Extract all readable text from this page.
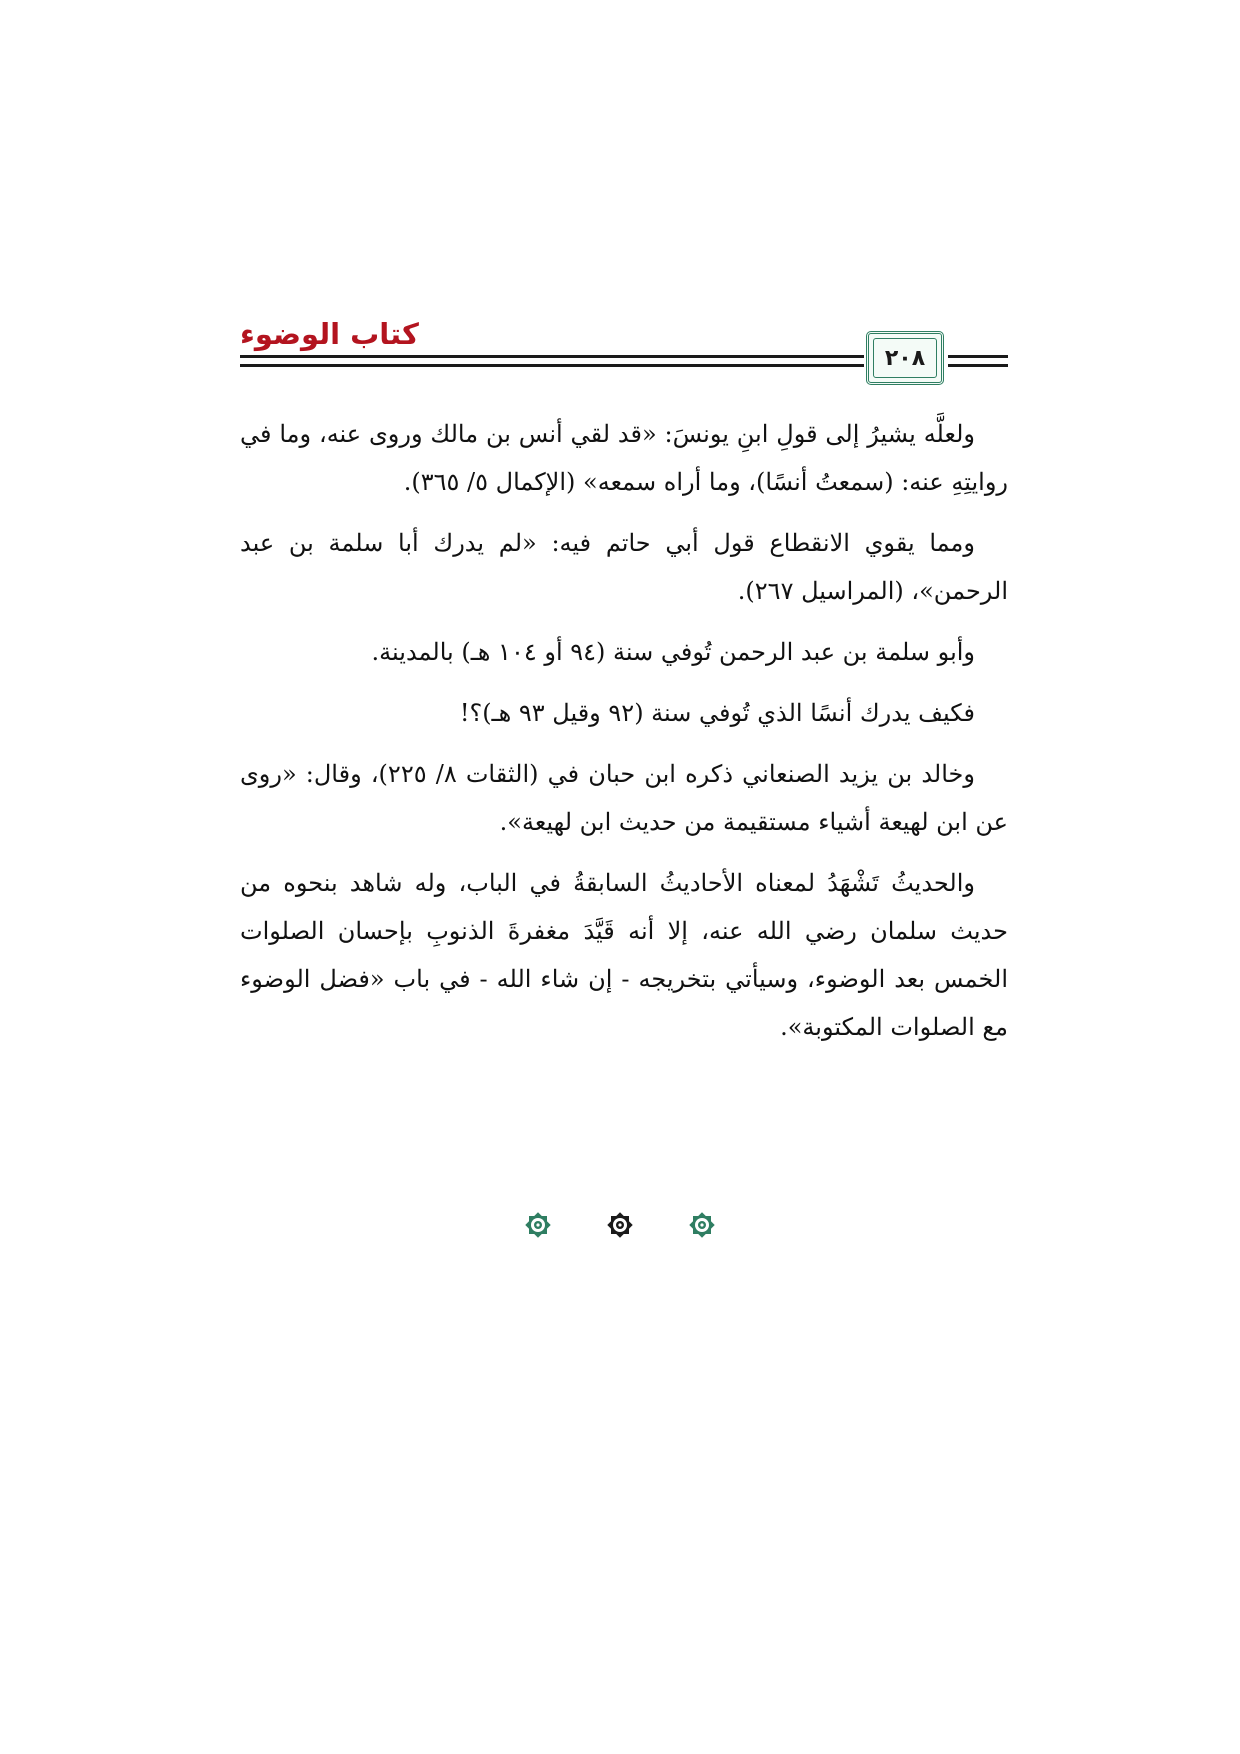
كتاب الوضوء
٢٠٨

ولعلَّه يشيرُ إلى قولِ ابنِ يونسَ: «قد لقي أنس بن مالك وروى عنه، وما في روايتِهِ عنه: (سمعتُ أنسًا)، وما أراه سمعه» (الإكمال ٥/ ٣٦٥).

ومما يقوي الانقطاع قول أبي حاتم فيه: «لم يدرك أبا سلمة بن عبد الرحمن»، (المراسيل ٢٦٧).

وأبو سلمة بن عبد الرحمن تُوفي سنة (٩٤ أو ١٠٤ هـ) بالمدينة.

فكيف يدرك أنسًا الذي تُوفي سنة (٩٢ وقيل ٩٣ هـ)؟!

وخالد بن يزيد الصنعاني ذكره ابن حبان في (الثقات ٨/ ٢٢٥)، وقال: «روى عن ابن لهيعة أشياء مستقيمة من حديث ابن لهيعة».

والحديثُ تَشْهَدُ لمعناه الأحاديثُ السابقةُ في الباب، وله شاهد بنحوه من حديث سلمان رضي الله عنه، إلا أنه قَيَّدَ مغفرةَ الذنوبِ بإحسان الصلوات الخمس بعد الوضوء، وسيأتي بتخريجه - إن شاء الله - في باب «فضل الوضوء مع الصلوات المكتوبة».
